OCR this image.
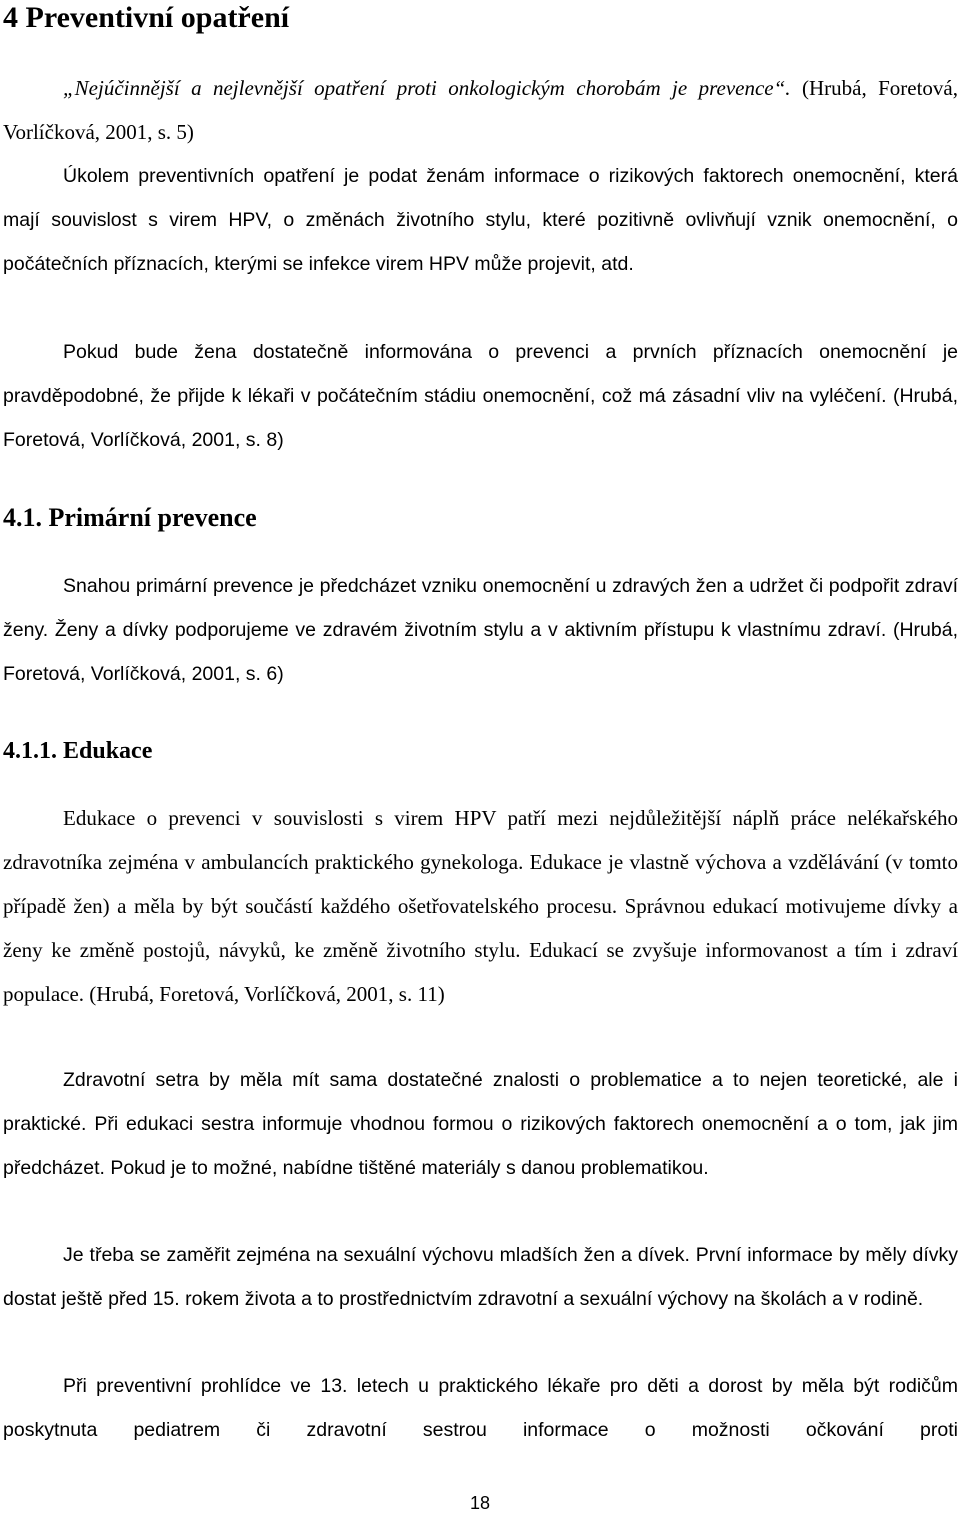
4 Preventivní opatření

„Nejúčinnější a nejlevnější opatření proti onkologickým chorobám je prevence“. (Hrubá, Foretová, Vorlíčková, 2001, s. 5)

Úkolem preventivních opatření je podat ženám informace o rizikových faktorech onemocnění, která mají souvislost s virem HPV, o změnách životního stylu, které pozitivně ovlivňují vznik onemocnění, o počátečních příznacích, kterými se infekce virem HPV může projevit, atd.

Pokud bude žena dostatečně informována o prevenci a prvních příznacích onemocnění je pravděpodobné, že přijde k lékaři v počátečním stádiu onemocnění, což má zásadní vliv na vyléčení. (Hrubá, Foretová, Vorlíčková, 2001, s. 8)

4.1. Primární prevence

Snahou primární prevence je předcházet vzniku onemocnění u zdravých žen a udržet či podpořit zdraví ženy. Ženy a dívky podporujeme ve zdravém životním stylu a v aktivním přístupu k vlastnímu zdraví. (Hrubá, Foretová, Vorlíčková, 2001, s. 6)

4.1.1. Edukace

Edukace o prevenci v souvislosti s virem HPV patří mezi nejdůležitější náplň práce nelékařského zdravotníka zejména v ambulancích praktického gynekologa. Edukace je vlastně výchova a vzdělávání (v tomto případě žen) a měla by být součástí každého ošetřovatelského procesu. Správnou edukací motivujeme dívky a ženy ke změně postojů, návyků, ke změně životního stylu. Edukací se zvyšuje informovanost a tím i zdraví populace. (Hrubá, Foretová, Vorlíčková, 2001, s. 11)

Zdravotní setra by měla mít sama dostatečné znalosti o problematice a to nejen teoretické, ale i praktické. Při edukaci sestra informuje vhodnou formou o rizikových faktorech onemocnění a o tom, jak jim předcházet. Pokud je to možné, nabídne tištěné materiály s danou problematikou.

Je třeba se zaměřit zejména na sexuální výchovu mladších žen a dívek. První informace by měly dívky dostat ještě před 15. rokem života a to prostřednictvím zdravotní a sexuální výchovy na školách a v rodině.

Při preventivní prohlídce ve 13. letech u praktického lékaře pro děti a dorost by měla být rodičům poskytnuta pediatrem či zdravotní sestrou informace o možnosti očkování proti

18
